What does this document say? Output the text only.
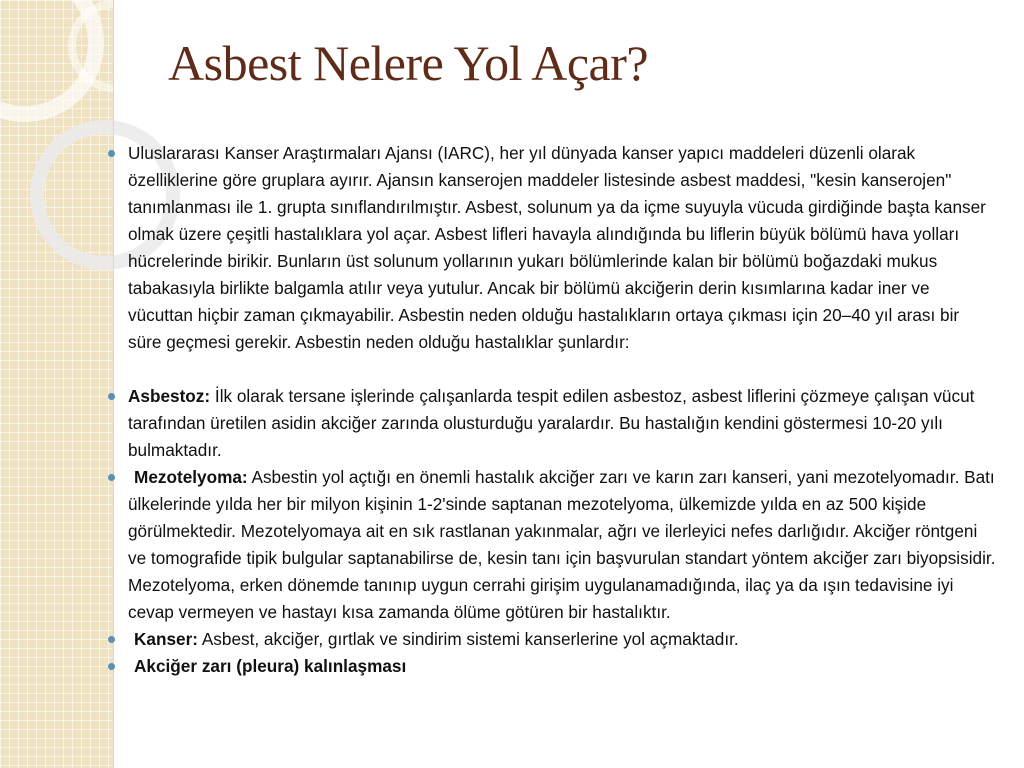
Asbest Nelere Yol Açar?

Uluslararası Kanser Araştırmaları Ajansı (IARC), her yıl dünyada kanser yapıcı maddeleri düzenli olarak özelliklerine göre gruplara ayırır. Ajansın kanserojen maddeler listesinde asbest maddesi, "kesin kanserojen" tanımlanması ile 1. grupta sınıflandırılmıştır. Asbest, solunum ya da içme suyuyla vücuda girdiğinde başta kanser olmak üzere çeşitli hastalıklara yol açar. Asbest lifleri havayla alındığında bu liflerin büyük bölümü hava yolları hücrelerinde birikir. Bunların üst solunum yollarının yukarı bölümlerinde kalan bir bölümü boğazdaki mukus tabakasıyla birlikte balgamla atılır veya yutulur. Ancak bir bölümü akciğerin derin kısımlarına kadar iner ve vücuttan hiçbir zaman çıkmayabilir. Asbestin neden olduğu hastalıkların ortaya çıkması için 20–40 yıl arası bir süre geçmesi gerekir. Asbestin neden olduğu hastalıklar şunlardır:

Asbestoz: İlk olarak tersane işlerinde çalışanlarda tespit edilen asbestoz, asbest liflerini çözmeye çalışan vücut tarafından üretilen asidin akciğer zarında olusturduğu yaralardır. Bu hastalığın kendini göstermesi 10-20 yılı bulmaktadır.

Mezotelyoma: Asbestin yol açtığı en önemli hastalık akciğer zarı ve karın zarı kanseri, yani mezotelyomadır. Batı ülkelerinde yılda her bir milyon kişinin 1-2'sinde saptanan mezotelyoma, ülkemizde yılda en az 500 kişide görülmektedir. Mezotelyomaya ait en sık rastlanan yakınmalar, ağrı ve ilerleyici nefes darlığıdır. Akciğer röntgeni ve tomografide tipik bulgular saptanabilirse de, kesin tanı için başvurulan standart yöntem akciğer zarı biyopsisidir. Mezotelyoma, erken dönemde tanınıp uygun cerrahi girişim uygulanamadığında, ilaç ya da ışın tedavisine iyi cevap vermeyen ve hastayı kısa zamanda ölüme götüren bir hastalıktır.

Kanser: Asbest, akciğer, gırtlak ve sindirim sistemi kanserlerine yol açmaktadır.

Akciğer zarı (pleura) kalınlaşması
